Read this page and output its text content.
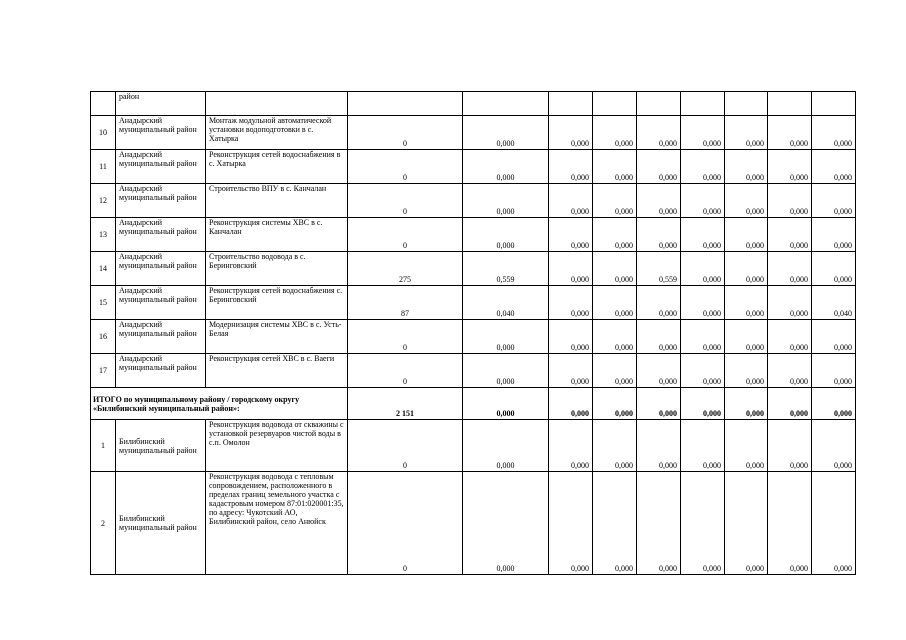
	район										
10	Анадырский муниципальный район	Монтаж модульной автоматической установки водоподготовки в с. Хатырка	0	0,000	0,000	0,000	0,000	0,000	0,000	0,000	0,000
11	Анадырский муниципальный район	Реконструкция сетей водоснабжения в с. Хатырка	0	0,000	0,000	0,000	0,000	0,000	0,000	0,000	0,000
12	Анадырский муниципальный район	Строительство ВПУ в с. Канчалан	0	0,000	0,000	0,000	0,000	0,000	0,000	0,000	0,000
13	Анадырский муниципальный район	Реконструкция системы ХВС в с. Канчалан	0	0,000	0,000	0,000	0,000	0,000	0,000	0,000	0,000
14	Анадырский муниципальный район	Строительство водовода в с. Беринговский	275	0,559	0,000	0,000	0,559	0,000	0,000	0,000	0,000
15	Анадырский муниципальный район	Реконструкция сетей водоснабжения с. Беринговский	87	0,040	0,000	0,000	0,000	0,000	0,000	0,000	0,040
16	Анадырский муниципальный район	Модернизация системы ХВС в с. Усть-Белая	0	0,000	0,000	0,000	0,000	0,000	0,000	0,000	0,000
17	Анадырский муниципальный район	Реконструкция сетей ХВС в с. Ваеги	0	0,000	0,000	0,000	0,000	0,000	0,000	0,000	0,000
ИТОГО по муниципальному району / городскому округу «Билибинский муниципальный район»:			2 151	0,000	0,000	0,000	0,000	0,000	0,000	0,000	0,000
1	Билибинский муниципальный район	Реконструкция водовода от скважины с установкой резервуаров чистой воды в с.п. Омолон	0	0,000	0,000	0,000	0,000	0,000	0,000	0,000	0,000
2	Билибинский муниципальный район	Реконструкция водовода с тепловым сопровождением, расположенного в пределах границ земельного участка с кадастровым номером 87:01:020001:35, по адресу: Чукотский АО, Билибинский район, село Анюйск	0	0,000	0,000	0,000	0,000	0,000	0,000	0,000	0,000
